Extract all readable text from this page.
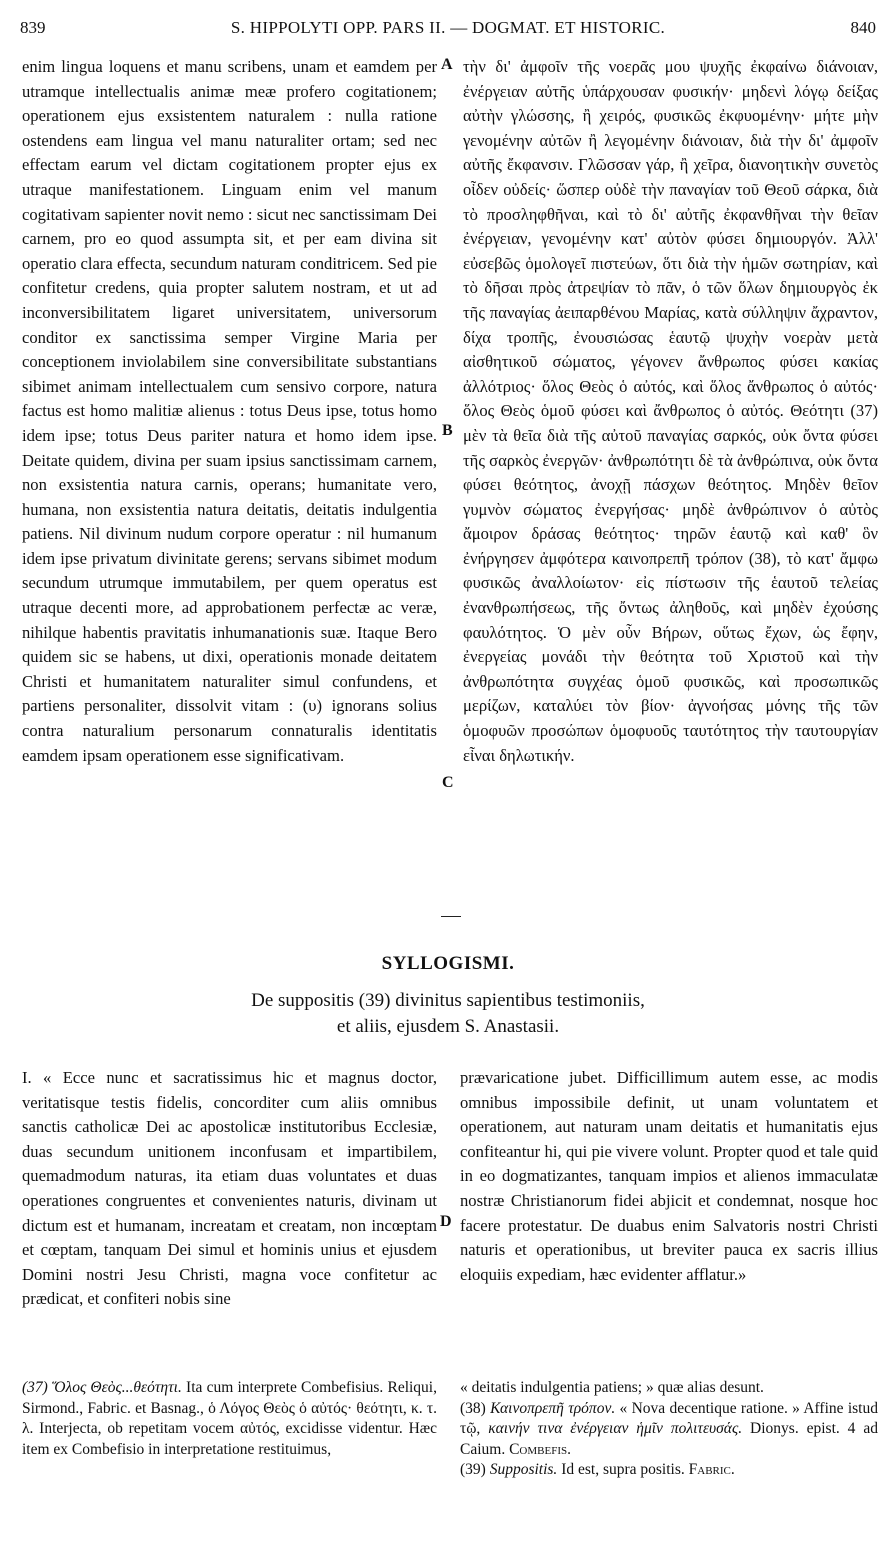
839	S. HIPPOLYTI OPP. PARS II. — DOGMAT. ET HISTORIC.	840

enim lingua loquens et manu scribens, unam et eamdem per utramque intellectualis animæ meæ profero cogitationem; operationem ejus exsistentem naturalem : nulla ratione ostendens eam lingua vel manu naturaliter ortam; sed nec effectam earum vel dictam cogitationem propter ejus ex utraque manifestationem. Linguam enim vel manum cogitativam sapienter novit nemo : sicut nec sanctissimam Dei carnem, pro eo quod assumpta sit, et per eam divina sit operatio clara effecta, secundum naturam conditricem. Sed pie confitetur credens, quia propter salutem nostram, et ut ad inconversibilitatem ligaret universitatem, universorum conditor ex sanctissima semper Virgine Maria per conceptionem inviolabilem sine conversibilitate substantians sibimet animam intellectualem cum sensivo corpore, natura factus est homo malitiæ alienus : totus Deus ipse, totus homo idem ipse; totus Deus pariter natura et homo idem ipse. Deitate quidem, divina per suam ipsius sanctissimam carnem, non exsistentia natura carnis, operans; humanitate vero, humana, non exsistentia natura deitatis, deitatis indulgentia patiens. Nil divinum nudum corpore operatur : nil humanum idem ipse privatum divinitate gerens; servans sibimet modum secundum utrumque immutabilem, per quem operatus est utraque decenti more, ad approbationem perfectæ ac veræ, nihilque habentis pravitatis inhumanationis suæ. Itaque Bero quidem sic se habens, ut dixi, operationis monade deitatem Christi et humanitatem naturaliter simul confundens, et partiens personaliter, dissolvit vitam : (υ) ignorans solius contra naturalium personarum connaturalis identitatis eamdem ipsam operationem esse significativam.

A
B
C

τὴν δι' ἀμφοῖν τῆς νοερᾶς μου ψυχῆς ἐκφαίνω διάνοιαν, ἐνέργειαν αὐτῆς ὑπάρχουσαν φυσικήν· μηδενὶ λόγῳ δείξας αὐτὴν γλώσσης, ἢ χειρός, φυσικῶς ἐκφυομένην· μήτε μὴν γενομένην αὐτῶν ἢ λεγομένην διάνοιαν, διὰ τὴν δι' ἀμφοῖν αὐτῆς ἔκφανσιν. Γλῶσσαν γάρ, ἢ χεῖρα, διανοητικὴν συνετὸς οἶδεν οὐδείς· ὥσπερ οὐδὲ τὴν παναγίαν τοῦ Θεοῦ σάρκα, διὰ τὸ προσληφθῆναι, καὶ τὸ δι' αὐτῆς ἐκφανθῆναι τὴν θεῖαν ἐνέργειαν, γενομένην κατ' αὐτὸν φύσει δημιουργόν. Ἀλλ' εὐσεβῶς ὁμολογεῖ πιστεύων, ὅτι διὰ τὴν ἡμῶν σωτηρίαν, καὶ τὸ δῆσαι πρὸς ἀτρεψίαν τὸ πᾶν, ὁ τῶν ὅλων δημιουργὸς ἐκ τῆς παναγίας ἀειπαρθένου Μαρίας, κατὰ σύλληψιν ἄχραντον, δίχα τροπῆς, ἐνουσιώσας ἑαυτῷ ψυχὴν νοερὰν μετὰ αἰσθητικοῦ σώματος, γέγονεν ἄνθρωπος φύσει κακίας ἀλλότριος· ὅλος Θεὸς ὁ αὐτός, καὶ ὅλος ἄνθρωπος ὁ αὐτός· ὅλος Θεὸς ὁμοῦ φύσει καὶ ἄνθρωπος ὁ αὐτός. Θεότητι (37) μὲν τὰ θεῖα διὰ τῆς αὐτοῦ παναγίας σαρκός, οὐκ ὄντα φύσει τῆς σαρκὸς ἐνεργῶν· ἀνθρωπότητι δὲ τὰ ἀνθρώπινα, οὐκ ὄντα φύσει θεότητος, ἀνοχῇ πάσχων θεότητος. Μηδὲν θεῖον γυμνὸν σώματος ἐνεργήσας· μηδὲ ἀνθρώπινον ὁ αὐτὸς ἄμοιρον δράσας θεότητος· τηρῶν ἑαυτῷ καὶ καθ' ὃν ἐνήργησεν ἀμφότερα καινοπρεπῆ τρόπον (38), τὸ κατ' ἄμφω φυσικῶς ἀναλλοίωτον· εἰς πίστωσιν τῆς ἑαυτοῦ τελείας ἐνανθρωπήσεως, τῆς ὄντως ἀληθοῦς, καὶ μηδὲν ἐχούσης φαυλότητος. Ὁ μὲν οὖν Βήρων, οὕτως ἔχων, ὡς ἔφην, ἐνεργείας μονάδι τὴν θεότητα τοῦ Χριστοῦ καὶ τὴν ἀνθρωπότητα συγχέας ὁμοῦ φυσικῶς, καὶ προσωπικῶς μερίζων, καταλύει τὸν βίον· ἀγνοήσας μόνης τῆς τῶν ὁμοφυῶν προσώπων ὁμοφυοῦς ταυτότητος τὴν ταυτουργίαν εἶναι δηλωτικήν.

SYLLOGISMI.
De suppositis (39) divinitus sapientibus testimoniis,
et aliis, ejusdem S. Anastasii.

I. « Ecce nunc et sacratissimus hic et magnus doctor, veritatisque testis fidelis, concorditer cum aliis omnibus sanctis catholicæ Dei ac apostolicæ institutoribus Ecclesiæ, duas secundum unitionem inconfusam et impartibilem, quemadmodum naturas, ita etiam duas voluntates et duas operationes congruentes et convenientes naturis, divinam ut dictum est et humanam, increatam et creatam, non incœptam et cœptam, tanquam Dei simul et hominis unius et ejusdem Domini nostri Jesu Christi, magna voce confitetur ac prædicat, et confiteri nobis sine

D

prævaricatione jubet. Difficillimum autem esse, ac modis omnibus impossibile definit, ut unam voluntatem et operationem, aut naturam unam deitatis et humanitatis ejus confiteantur hi, qui pie vivere volunt. Propter quod et tale quid in eo dogmatizantes, tanquam impios et alienos immaculatæ nostræ Christianorum fidei abjicit et condemnat, nosque hoc facere protestatur. De duabus enim Salvatoris nostri Christi naturis et operationibus, ut breviter pauca ex sacris illius eloquiis expediam, hæc evidenter afflatur.»

(37) Ὅλος Θεὸς...θεότητι. Ita cum interprete Combefisius. Reliqui, Sirmond., Fabric. et Basnag., ὁ Λόγος Θεὸς ὁ αὐτός· θεότητι, κ. τ. λ. Interjecta, ob repetitam vocem αὐτός, excidisse videntur. Hæc item ex Combefisio in interpretatione restituimus,

« deitatis indulgentia patiens; » quæ alias desunt.

(38) Καινοπρεπῆ τρόπον. « Nova decentique ratione. » Affine istud τῷ, καινήν τινα ἐνέργειαν ἡμῖν πολιτευσάς. Dionys. epist. 4 ad Caium. Combefis.

(39) Suppositis. Id est, supra positis. Fabric.
